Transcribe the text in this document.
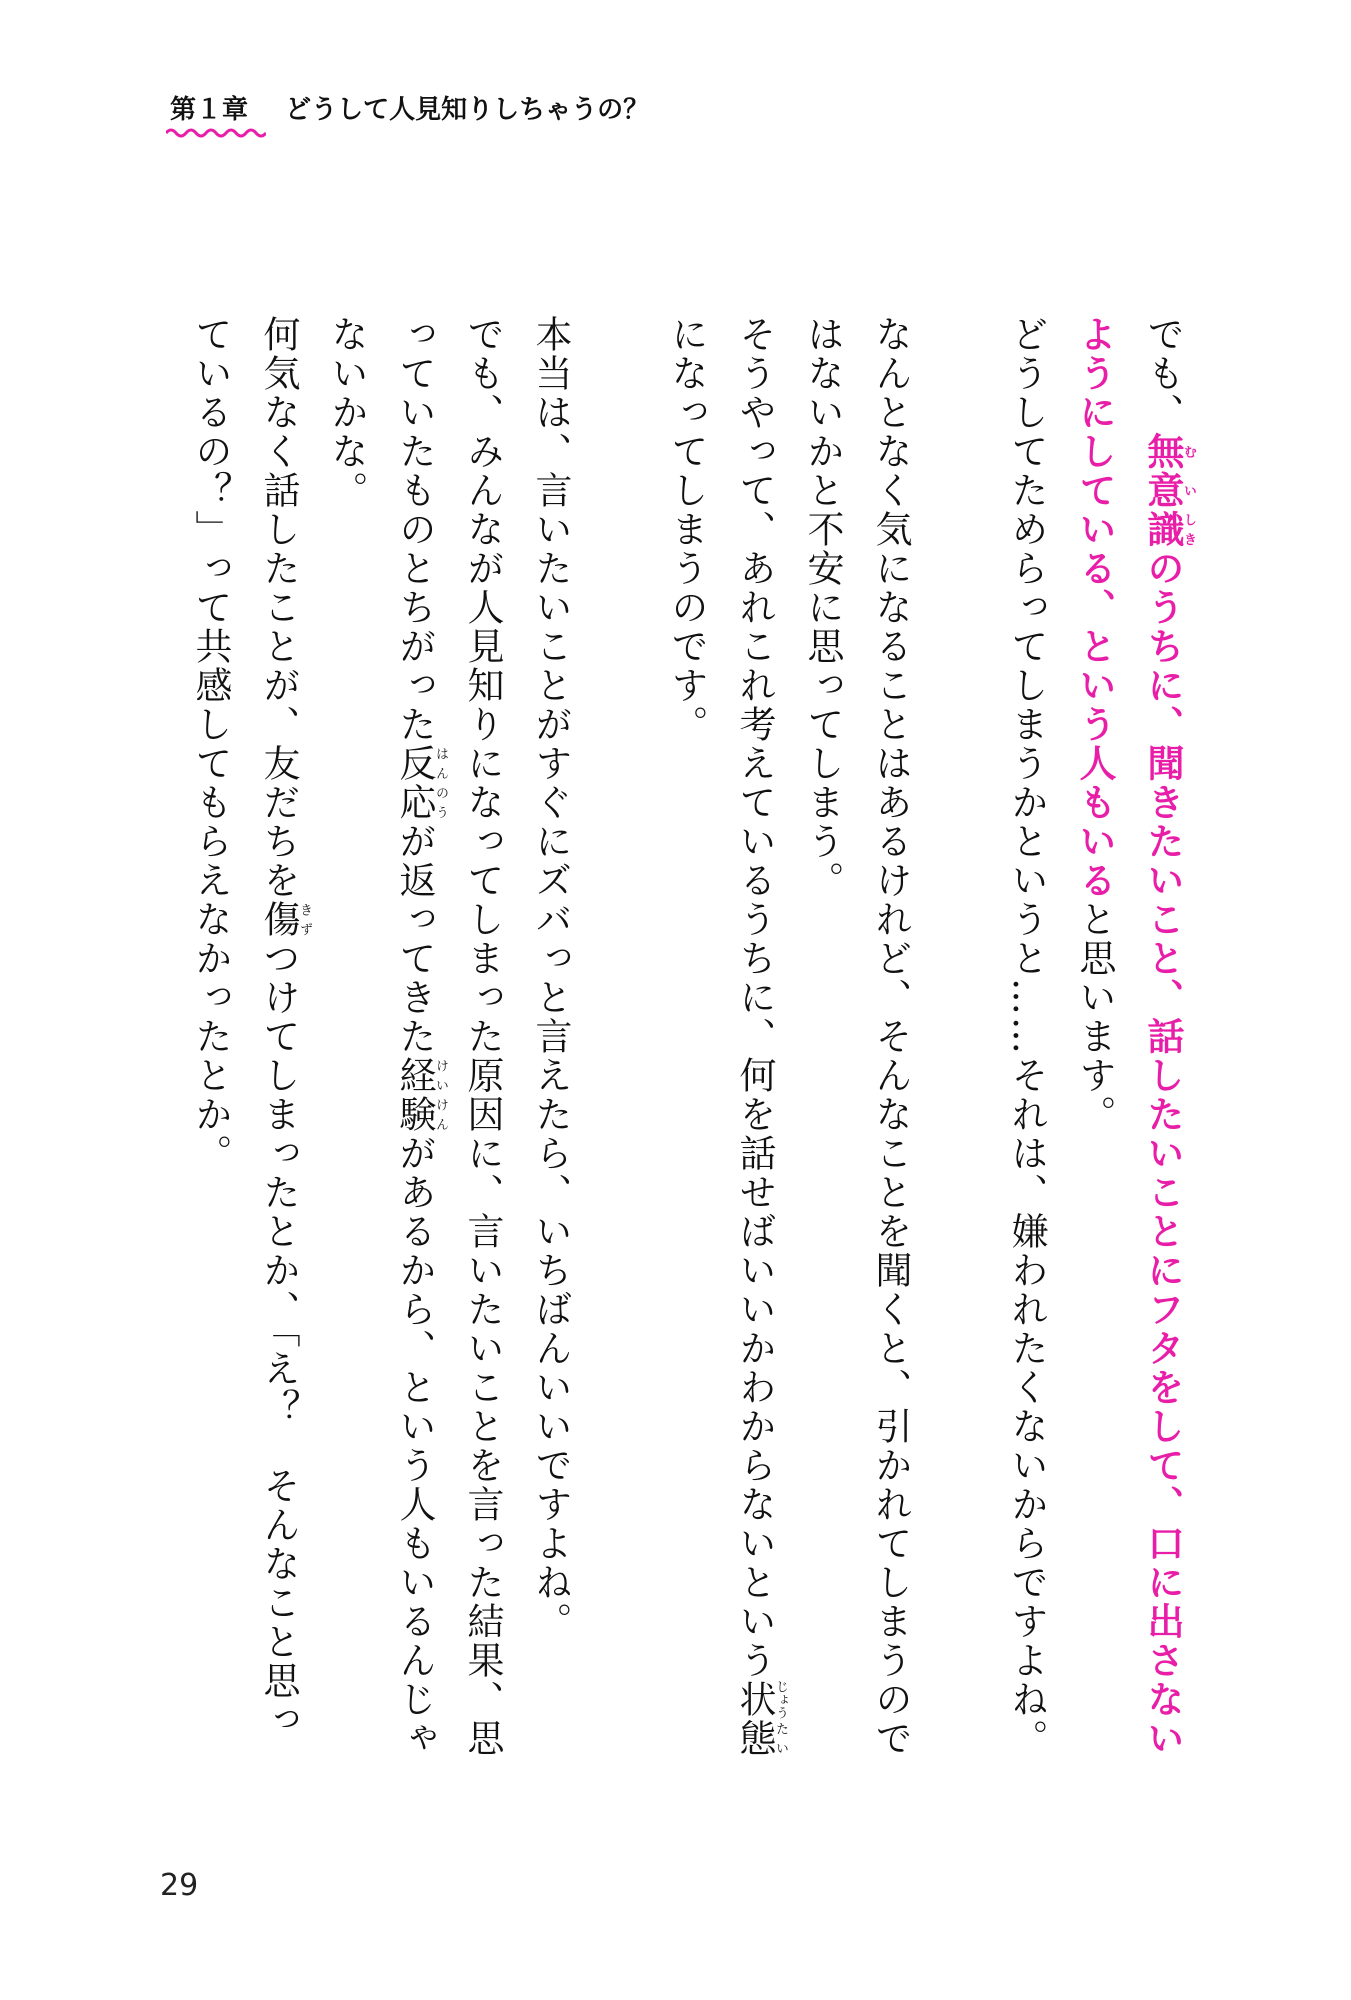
第１章 どうして人見知りしちゃうの？

でも、無む意い識しきのうちに、聞きたいこと、話したいことにフタをして、口に出さないようにしている、という人もいると思います。

どうしてためらってしまうかというと……それは、嫌われたくないからですよね。

なんとなく気になることはあるけれど、そんなことを聞くと、引かれてしまうのではないかと不安に思ってしまう。

そうやって、あれこれ考えているうちに、何を話せばいいかわからないという状じょう態たいになってしまうのです。

本当は、言いたいことがすぐにズバっと言えたら、いちばんいいですよね。

でも、みんなが人見知りになってしまった原因に、言いたいことを言った結果、思っていたものとちがった反はん応のうが返ってきた経けい験けんがあるから、という人もいるんじゃないかな。

何気なく話したことが、友だちを傷きずつけてしまったとか、「え？　そんなこと思っているの？」って共感してもらえなかったとか。

29
